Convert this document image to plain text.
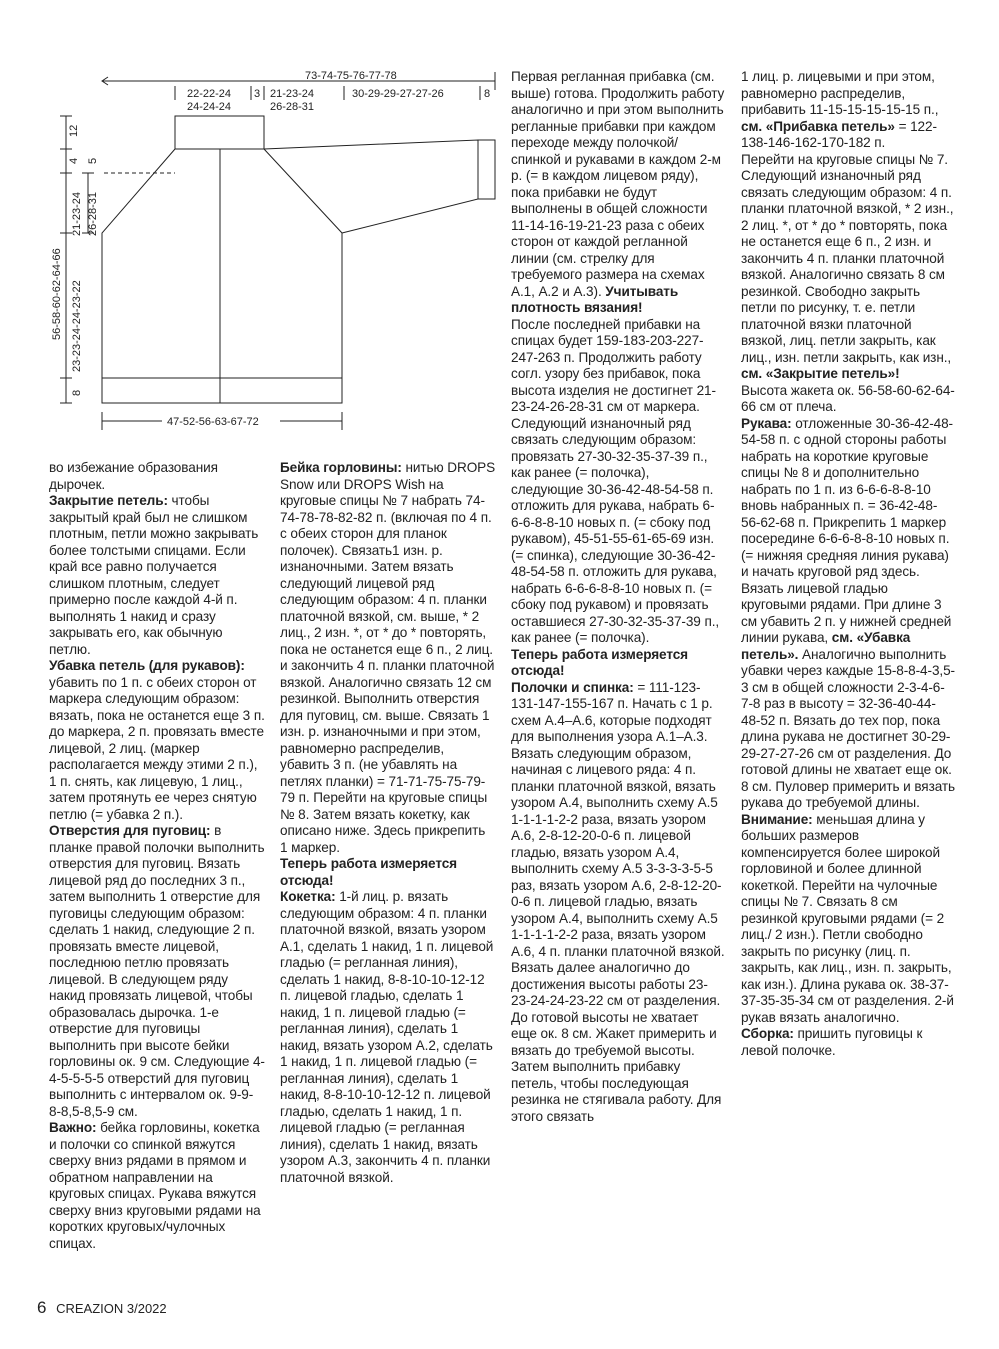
73-74-75-76-77-78
22-22-24
24-24-24
3 21-23-24
26-28-31
30-29-29-27-27-26	8
47-52-56-63-67-72
12
4 5
21-23-24 26-28-31
56-58-60-62-64-66 23-23-24-24-23-22
8

во избежание образования дырочек.

Закрытие петель: чтобы закрытый край был не слишком плотным, петли можно закрывать более толстыми спицами. Если край все равно получается слишком плотным, следует примерно после каждой 4-й п. выполнять 1 накид и сразу закрывать его, как обычную петлю.

Убавка петель (для рукавов): убавить по 1 п. с обеих сторон от маркера следующим образом: вязать, пока не останется еще 3 п. до маркера, 2 п. провязать вместе лицевой, 2 лиц. (маркер располагается между этими 2 п.), 1 п. снять, как лицевую, 1 лиц., затем протянуть ее через снятую петлю (= убавка 2 п.).

Отверстия для пуговиц: в планке правой полочки выполнить отверстия для пуговиц. Вязать лицевой ряд до последних 3 п., затем выполнить 1 отверстие для пуговицы следующим образом: сделать 1 накид, следующие 2 п. провязать вместе лицевой, последнюю петлю провязать лицевой. В следующем ряду накид провязать лицевой, чтобы образовалась дырочка. 1-е отверстие для пуговицы выполнить при высоте бейки горловины ок. 9 см. Следующие 4-4-5-5-5-5 отверстий для пуговиц выполнить с интервалом ок. 9-9-8-8,5-8,5-9 см.

Важно: бейка горловины, кокетка и полочки со спинкой вяжутся сверху вниз рядами в прямом и обратном направлении на круговых спицах. Рукава вяжутся сверху вниз круговыми рядами на коротких круговых/чулочных спицах.

Бейка горловины: нитью DROPS Snow или DROPS Wish на круговые спицы № 7 набрать 74-74-78-78-82-82 п. (включая по 4 п. с обеих сторон для планок полочек). Связать1 изн. р. изнаночными. Затем вязать следующий лицевой ряд следующим образом: 4 п. планки платочной вязкой, см. выше, * 2 лиц., 2 изн. *, от * до * повторять, пока не останется еще 6 п., 2 лиц. и закончить 4 п. планки платочной вязкой. Аналогично связать 12 см резинкой. Выполнить отверстия для пуговиц, см. выше. Связать 1 изн. р. изнаночными и при этом, равномерно распределив, убавить 3 п. (не убавлять на петлях планки) = 71-71-75-75-79-79 п. Перейти на круговые спицы № 8. Затем вязать кокетку, как описано ниже. Здесь прикрепить 1 маркер.

Теперь работа измеряется отсюда!

Кокетка: 1-й лиц. р. вязать следующим образом: 4 п. планки платочной вязкой, вязать узором А.1, сделать 1 накид, 1 п. лицевой гладью (= регланная линия), сделать 1 накид, 8-8-10-10-12-12 п. лицевой гладью, сделать 1 накид, 1 п. лицевой гладью (= регланная линия), сделать 1 накид, вязать узором А.2, сделать 1 накид, 1 п. лицевой гладью (= регланная линия), сделать 1 накид, 8-8-10-10-12-12 п. лицевой гладью, сделать 1 накид, 1 п. лицевой гладью (= регланная линия), сделать 1 накид, вязать узором А.3, закончить 4 п. планки платочной вязкой.

Первая регланная прибавка (см. выше) готова. Продолжить работу аналогично и при этом выполнить регланные прибавки при каждом переходе между полочкой/спинкой и рукавами в каждом 2-м р. (= в каждом лицевом ряду), пока прибавки не будут выполнены в общей сложности 11-14-16-19-21-23 раза с обеих сторон от каждой регланной линии (см. стрелку для требуемого размера на схемах А.1, А.2 и А.3). Учитывать плотность вязания!

После последней прибавки на спицах будет 159-183-203-227-247-263 п. Продолжить работу согл. узору без прибавок, пока высота изделия не достигнет 21-23-24-26-28-31 см от маркера. Следующий изнаночный ряд связать следующим образом: провязать 27-30-32-35-37-39 п., как ранее (= полочка), следующие 30-36-42-48-54-58 п. отложить для рукава, набрать 6-6-6-8-8-10 новых п. (= сбоку под рукавом), 45-51-55-61-65-69 изн. (= спинка), следующие 30-36-42-48-54-58 п. отложить для рукава, набрать 6-6-6-8-8-10 новых п. (= сбоку под рукавом) и провязать оставшиеся 27-30-32-35-37-39 п., как ранее (= полочка).

Теперь работа измеряется отсюда!

Полочки и спинка: = 111-123-131-147-155-167 п. Начать с 1 р. схем А.4–А.6, которые подходят для выполнения узора А.1–А.3. Вязать следующим образом, начиная с лицевого ряда: 4 п. планки платочной вязкой, вязать узором А.4, выполнить схему А.5 1-1-1-1-2-2 раза, вязать узором А.6, 2-8-12-20-0-6 п. лицевой гладью, вязать узором А.4, выполнить схему А.5 3-3-3-3-5-5 раз, вязать узором А.6, 2-8-12-20-0-6 п. лицевой гладью, вязать узором А.4, выполнить схему А.5 1-1-1-1-2-2 раза, вязать узором А.6, 4 п. планки платочной вязкой. Вязать далее аналогично до достижения высоты работы 23-23-24-24-23-22 см от разделения. До готовой высоты не хватает еще ок. 8 см. Жакет примерить и вязать до требуемой высоты. Затем выполнить прибавку петель, чтобы последующая резинка не стягивала работу. Для этого связать

1 лиц. р. лицевыми и при этом, равномерно распределив, прибавить 11-15-15-15-15-15 п., см. «Прибавка петель» = 122-138-146-162-170-182 п.

Перейти на круговые спицы № 7. Следующий изнаночный ряд связать следующим образом: 4 п. планки платочной вязкой, * 2 изн., 2 лиц. *, от * до * повторять, пока не останется еще 6 п., 2 изн. и закончить 4 п. планки платочной вязкой. Аналогично связать 8 см резинкой. Свободно закрыть петли по рисунку, т. е. петли платочной вязки платочной вязкой, лиц. петли закрыть, как лиц., изн. петли закрыть, как изн., см. «Закрытие петель»!

Высота жакета ок. 56-58-60-62-64-66 см от плеча.

Рукава: отложенные 30-36-42-48-54-58 п. с одной стороны работы набрать на короткие круговые спицы № 8 и дополнительно набрать по 1 п. из 6-6-6-8-8-10 вновь набранных п. = 36-42-48-56-62-68 п. Прикрепить 1 маркер посередине 6-6-6-8-8-10 новых п. (= нижняя средняя линия рукава) и начать круговой ряд здесь. Вязать лицевой гладью круговыми рядами. При длине 3 см убавить 2 п. у нижней средней линии рукава, см. «Убавка петель». Аналогично выполнить убавки через каждые 15-8-8-4-3,5-3 см в общей сложности 2-3-4-6-7-8 раз в высоту = 32-36-40-44-48-52 п. Вязать до тех пор, пока длина рукава не достигнет 30-29-29-27-27-26 см от разделения. До готовой длины не хватает еще ок. 8 см. Пуловер примерить и вязать рукава до требуемой длины.

Внимание: меньшая длина у больших размеров компенсируется более широкой горловиной и более длинной кокеткой. Перейти на чулочные спицы № 7. Связать 8 см резинкой круговыми рядами (= 2 лиц./ 2 изн.). Петли свободно закрыть по рисунку (лиц. п. закрыть, как лиц., изн. п. закрыть, как изн.). Длина рукава ок. 38-37-37-35-35-34 см от разделения. 2-й рукав вязать аналогично.

Сборка: пришить пуговицы к левой полочке.

6 CREAZION 3/2022
